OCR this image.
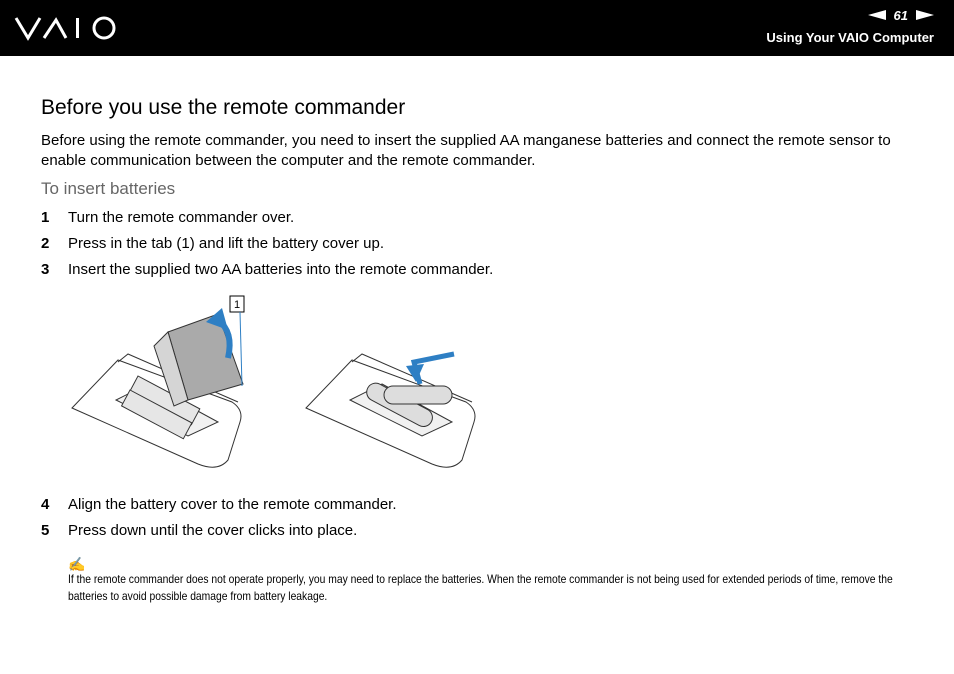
61
Using Your VAIO Computer
Before you use the remote commander

Before using the remote commander, you need to insert the supplied AA manganese batteries and connect the remote sensor to enable communication between the computer and the remote commander.

To insert batteries
1 Turn the remote commander over.
2 Press in the tab (1) and lift the battery cover up.
3 Insert the supplied two AA batteries into the remote commander.
1
4 Align the battery cover to the remote commander.
5 Press down until the cover clicks into place.
✍

If the remote commander does not operate properly, you may need to replace the batteries. When the remote commander is not being used for extended periods of time, remove the batteries to avoid possible damage from battery leakage.
